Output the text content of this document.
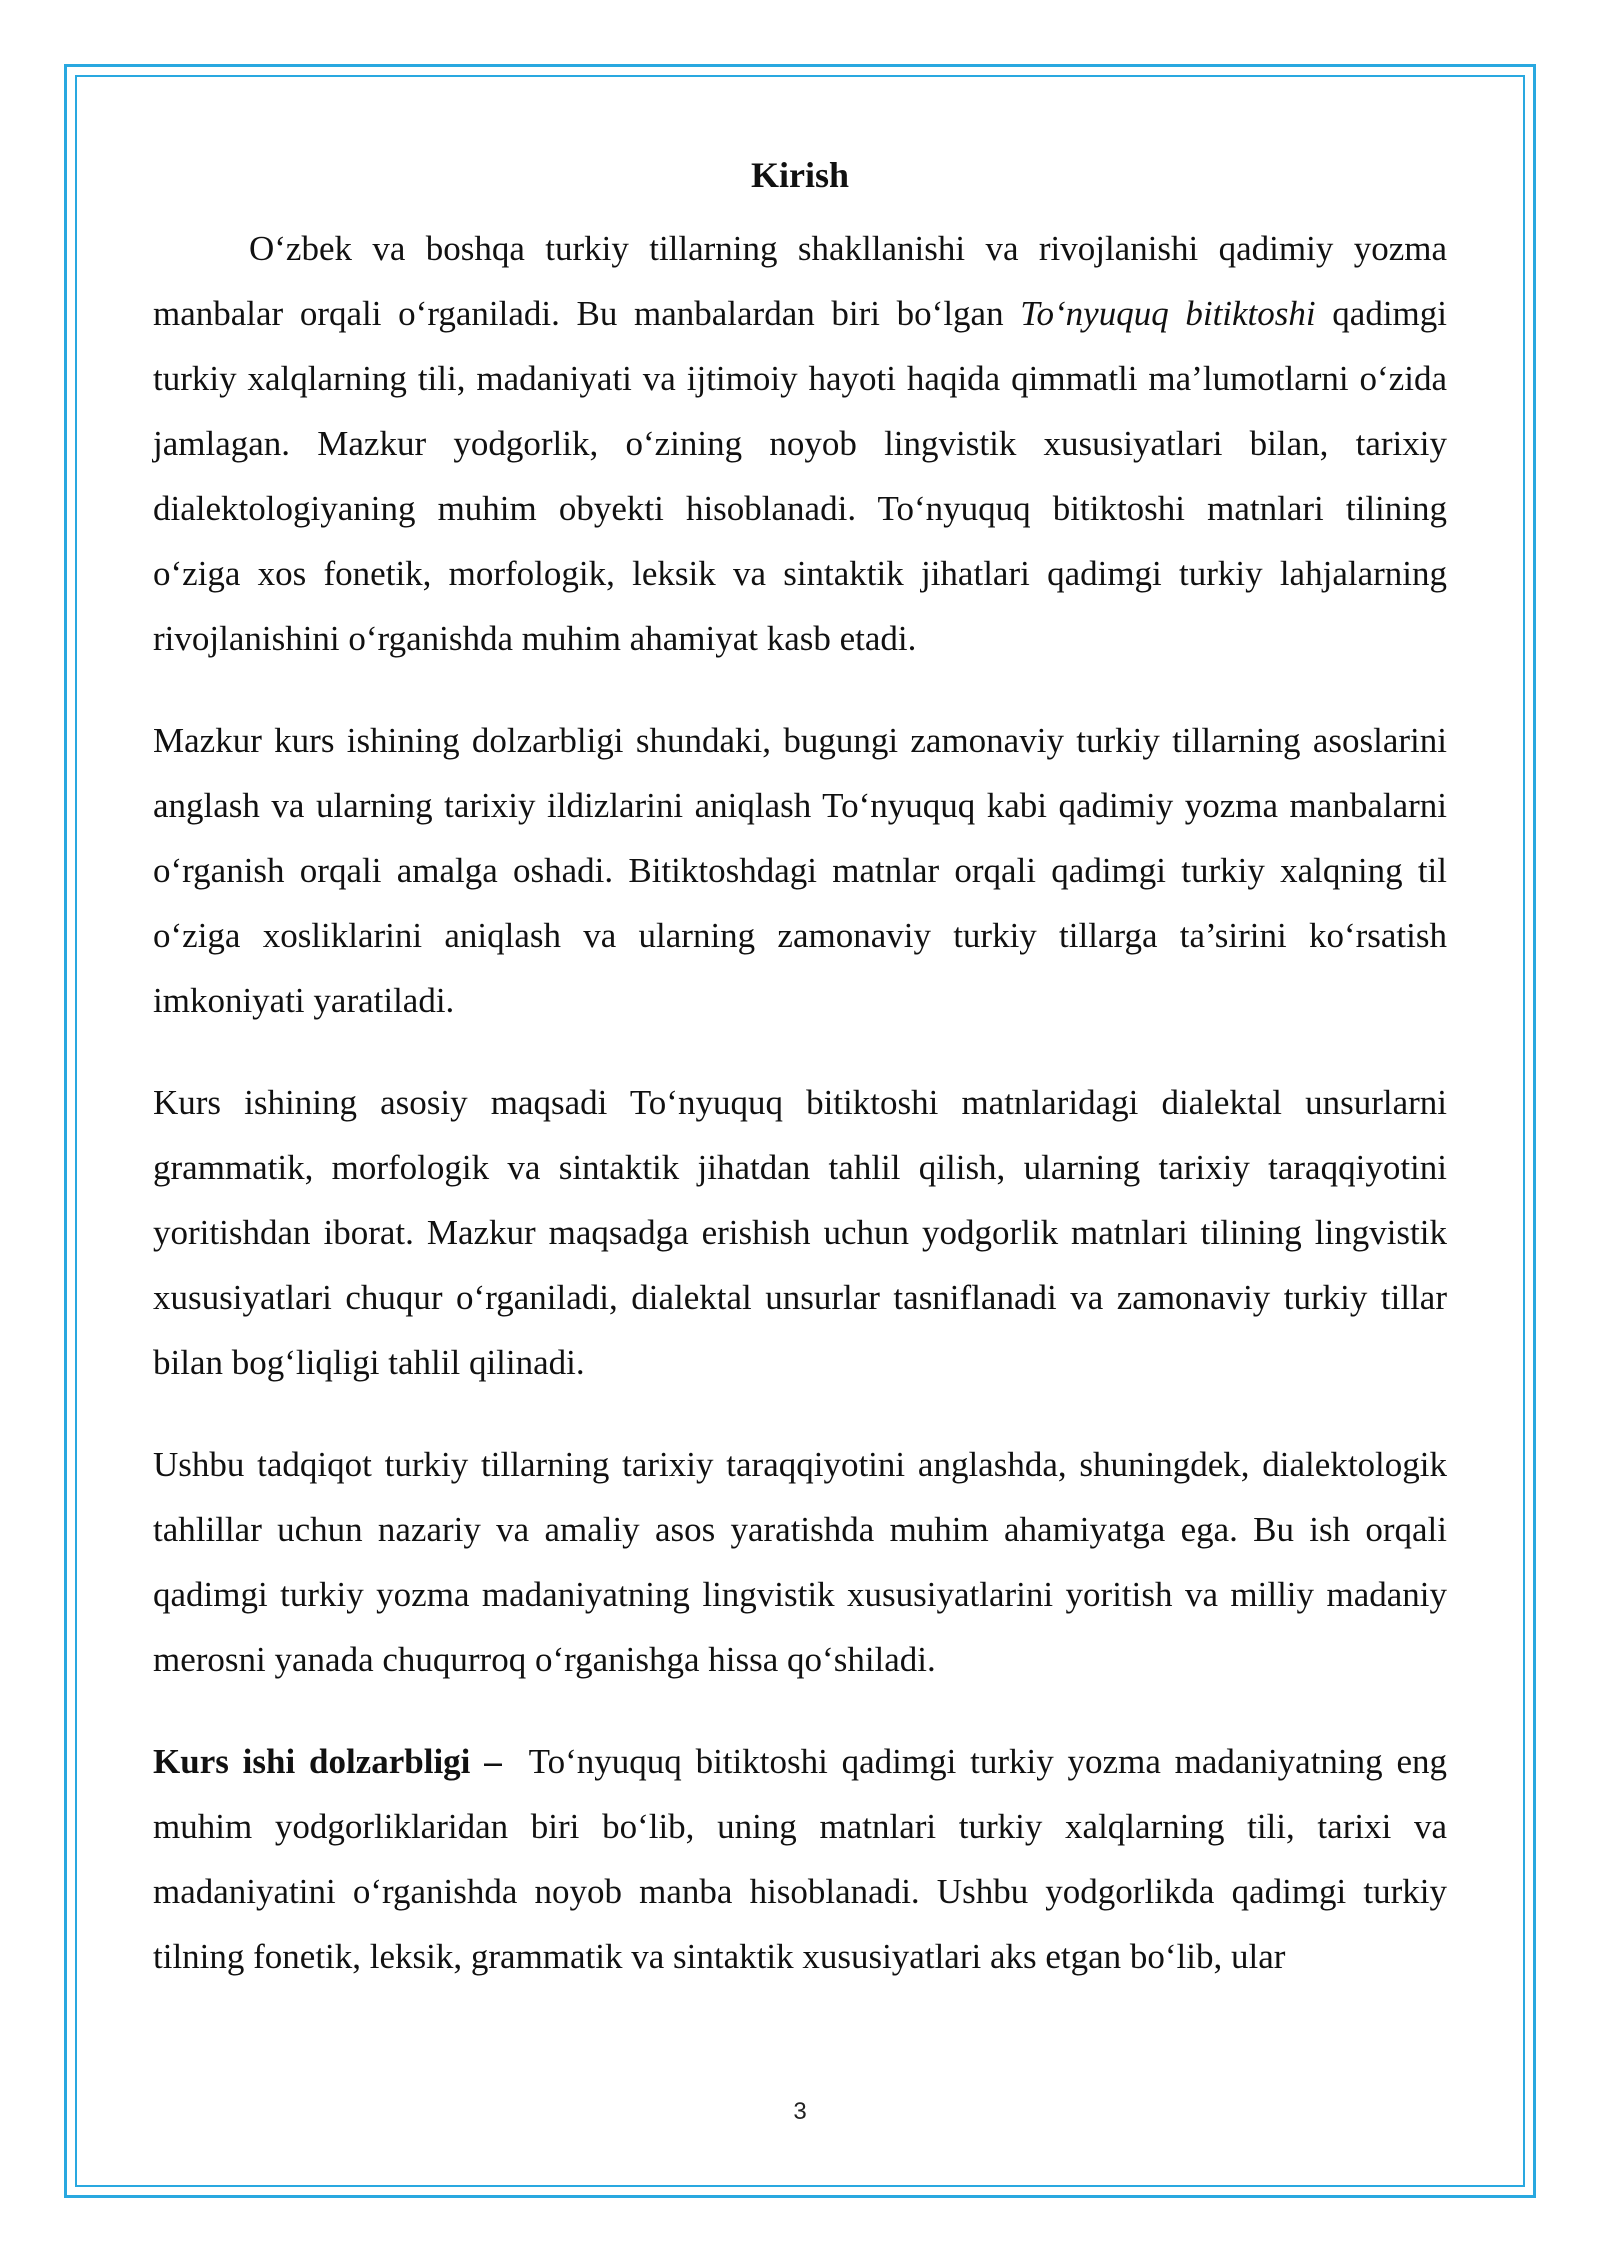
Kirish

O‘zbek va boshqa turkiy tillarning shakllanishi va rivojlanishi qadimiy yozma manbalar orqali o‘rganiladi. Bu manbalardan biri bo‘lgan To‘nyuquq bitiktoshi qadimgi turkiy xalqlarning tili, madaniyati va ijtimoiy hayoti haqida qimmatli ma’lumotlarni o‘zida jamlagan. Mazkur yodgorlik, o‘zining noyob lingvistik xususiyatlari bilan, tarixiy dialektologiyaning muhim obyekti hisoblanadi. To‘nyuquq bitiktoshi matnlari tilining o‘ziga xos fonetik, morfologik, leksik va sintaktik jihatlari qadimgi turkiy lahjalarning rivojlanishini o‘rganishda muhim ahamiyat kasb etadi.

Mazkur kurs ishining dolzarbligi shundaki, bugungi zamonaviy turkiy tillarning asoslarini anglash va ularning tarixiy ildizlarini aniqlash To‘nyuquq kabi qadimiy yozma manbalarni o‘rganish orqali amalga oshadi. Bitiktoshdagi matnlar orqali qadimgi turkiy xalqning til o‘ziga xosliklarini aniqlash va ularning zamonaviy turkiy tillarga ta’sirini ko‘rsatish imkoniyati yaratiladi.

Kurs ishining asosiy maqsadi To‘nyuquq bitiktoshi matnlaridagi dialektal unsurlarni grammatik, morfologik va sintaktik jihatdan tahlil qilish, ularning tarixiy taraqqiyotini yoritishdan iborat. Mazkur maqsadga erishish uchun yodgorlik matnlari tilining lingvistik xususiyatlari chuqur o‘rganiladi, dialektal unsurlar tasniflanadi va zamonaviy turkiy tillar bilan bog‘liqligi tahlil qilinadi.

Ushbu tadqiqot turkiy tillarning tarixiy taraqqiyotini anglashda, shuningdek, dialektologik tahlillar uchun nazariy va amaliy asos yaratishda muhim ahamiyatga ega. Bu ish orqali qadimgi turkiy yozma madaniyatning lingvistik xususiyatlarini yoritish va milliy madaniy merosni yanada chuqurroq o‘rganishga hissa qo‘shiladi.

Kurs ishi dolzarbligi –  To‘nyuquq bitiktoshi qadimgi turkiy yozma madaniyatning eng muhim yodgorliklaridan biri bo‘lib, uning matnlari turkiy xalqlarning tili, tarixi va madaniyatini o‘rganishda noyob manba hisoblanadi. Ushbu yodgorlikda qadimgi turkiy tilning fonetik, leksik, grammatik va sintaktik xususiyatlari aks etgan bo‘lib, ular

3
